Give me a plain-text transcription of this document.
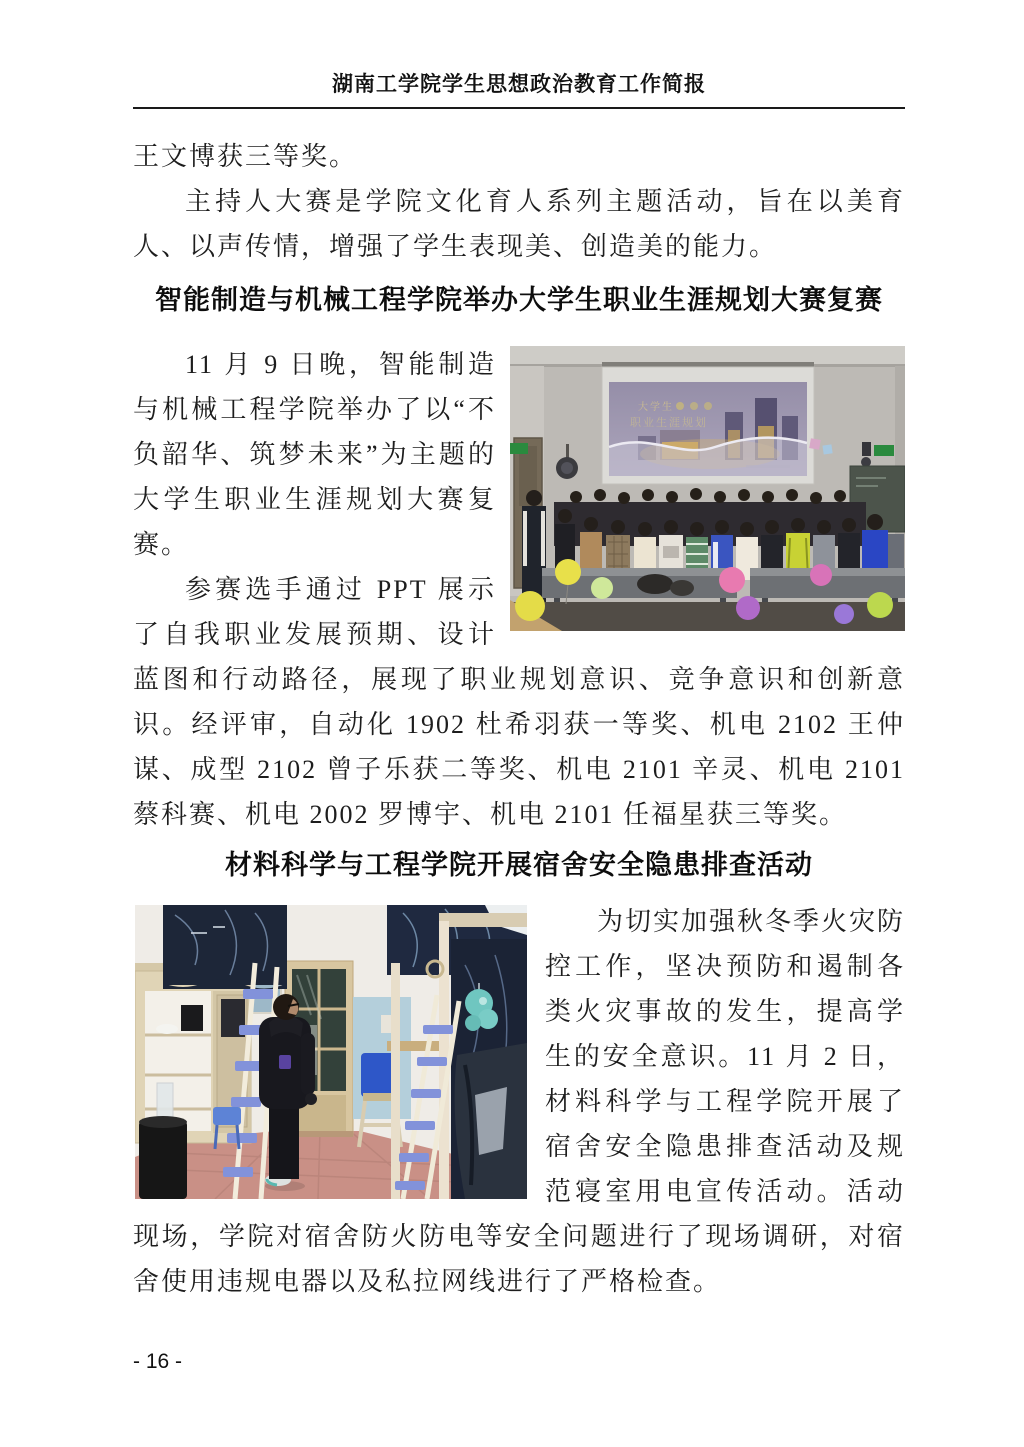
湖南工学院学生思想政治教育工作简报

王文博获三等奖。

主持人大赛是学院文化育人系列主题活动，旨在以美育人、以声传情，增强了学生表现美、创造美的能力。

智能制造与机械工程学院举办大学生职业生涯规划大赛复赛
大学生
职业生涯规划

11 月 9 日晚，智能制造与机械工程学院举办了以“不负韶华、筑梦未来”为主题的大学生职业生涯规划大赛复赛。

参赛选手通过 PPT 展示了自我职业发展预期、设计蓝图和行动路径，展现了职业规划意识、竞争意识和创新意识。经评审，自动化 1902 杜希羽获一等奖、机电 2102 王仲谋、成型 2102 曾子乐获二等奖、机电 2101 辛灵、机电 2101 蔡科赛、机电 2002 罗博宇、机电 2101 任福星获三等奖。

材料科学与工程学院开展宿舍安全隐患排查活动

为切实加强秋冬季火灾防控工作，坚决预防和遏制各类火灾事故的发生，提高学生的安全意识。11 月 2 日，材料科学与工程学院开展了宿舍安全隐患排查活动及规范寝室用电宣传活动。活动现场，学院对宿舍防火防电等安全问题进行了现场调研，对宿舍使用违规电器以及私拉网线进行了严格检查。

- 16 -
